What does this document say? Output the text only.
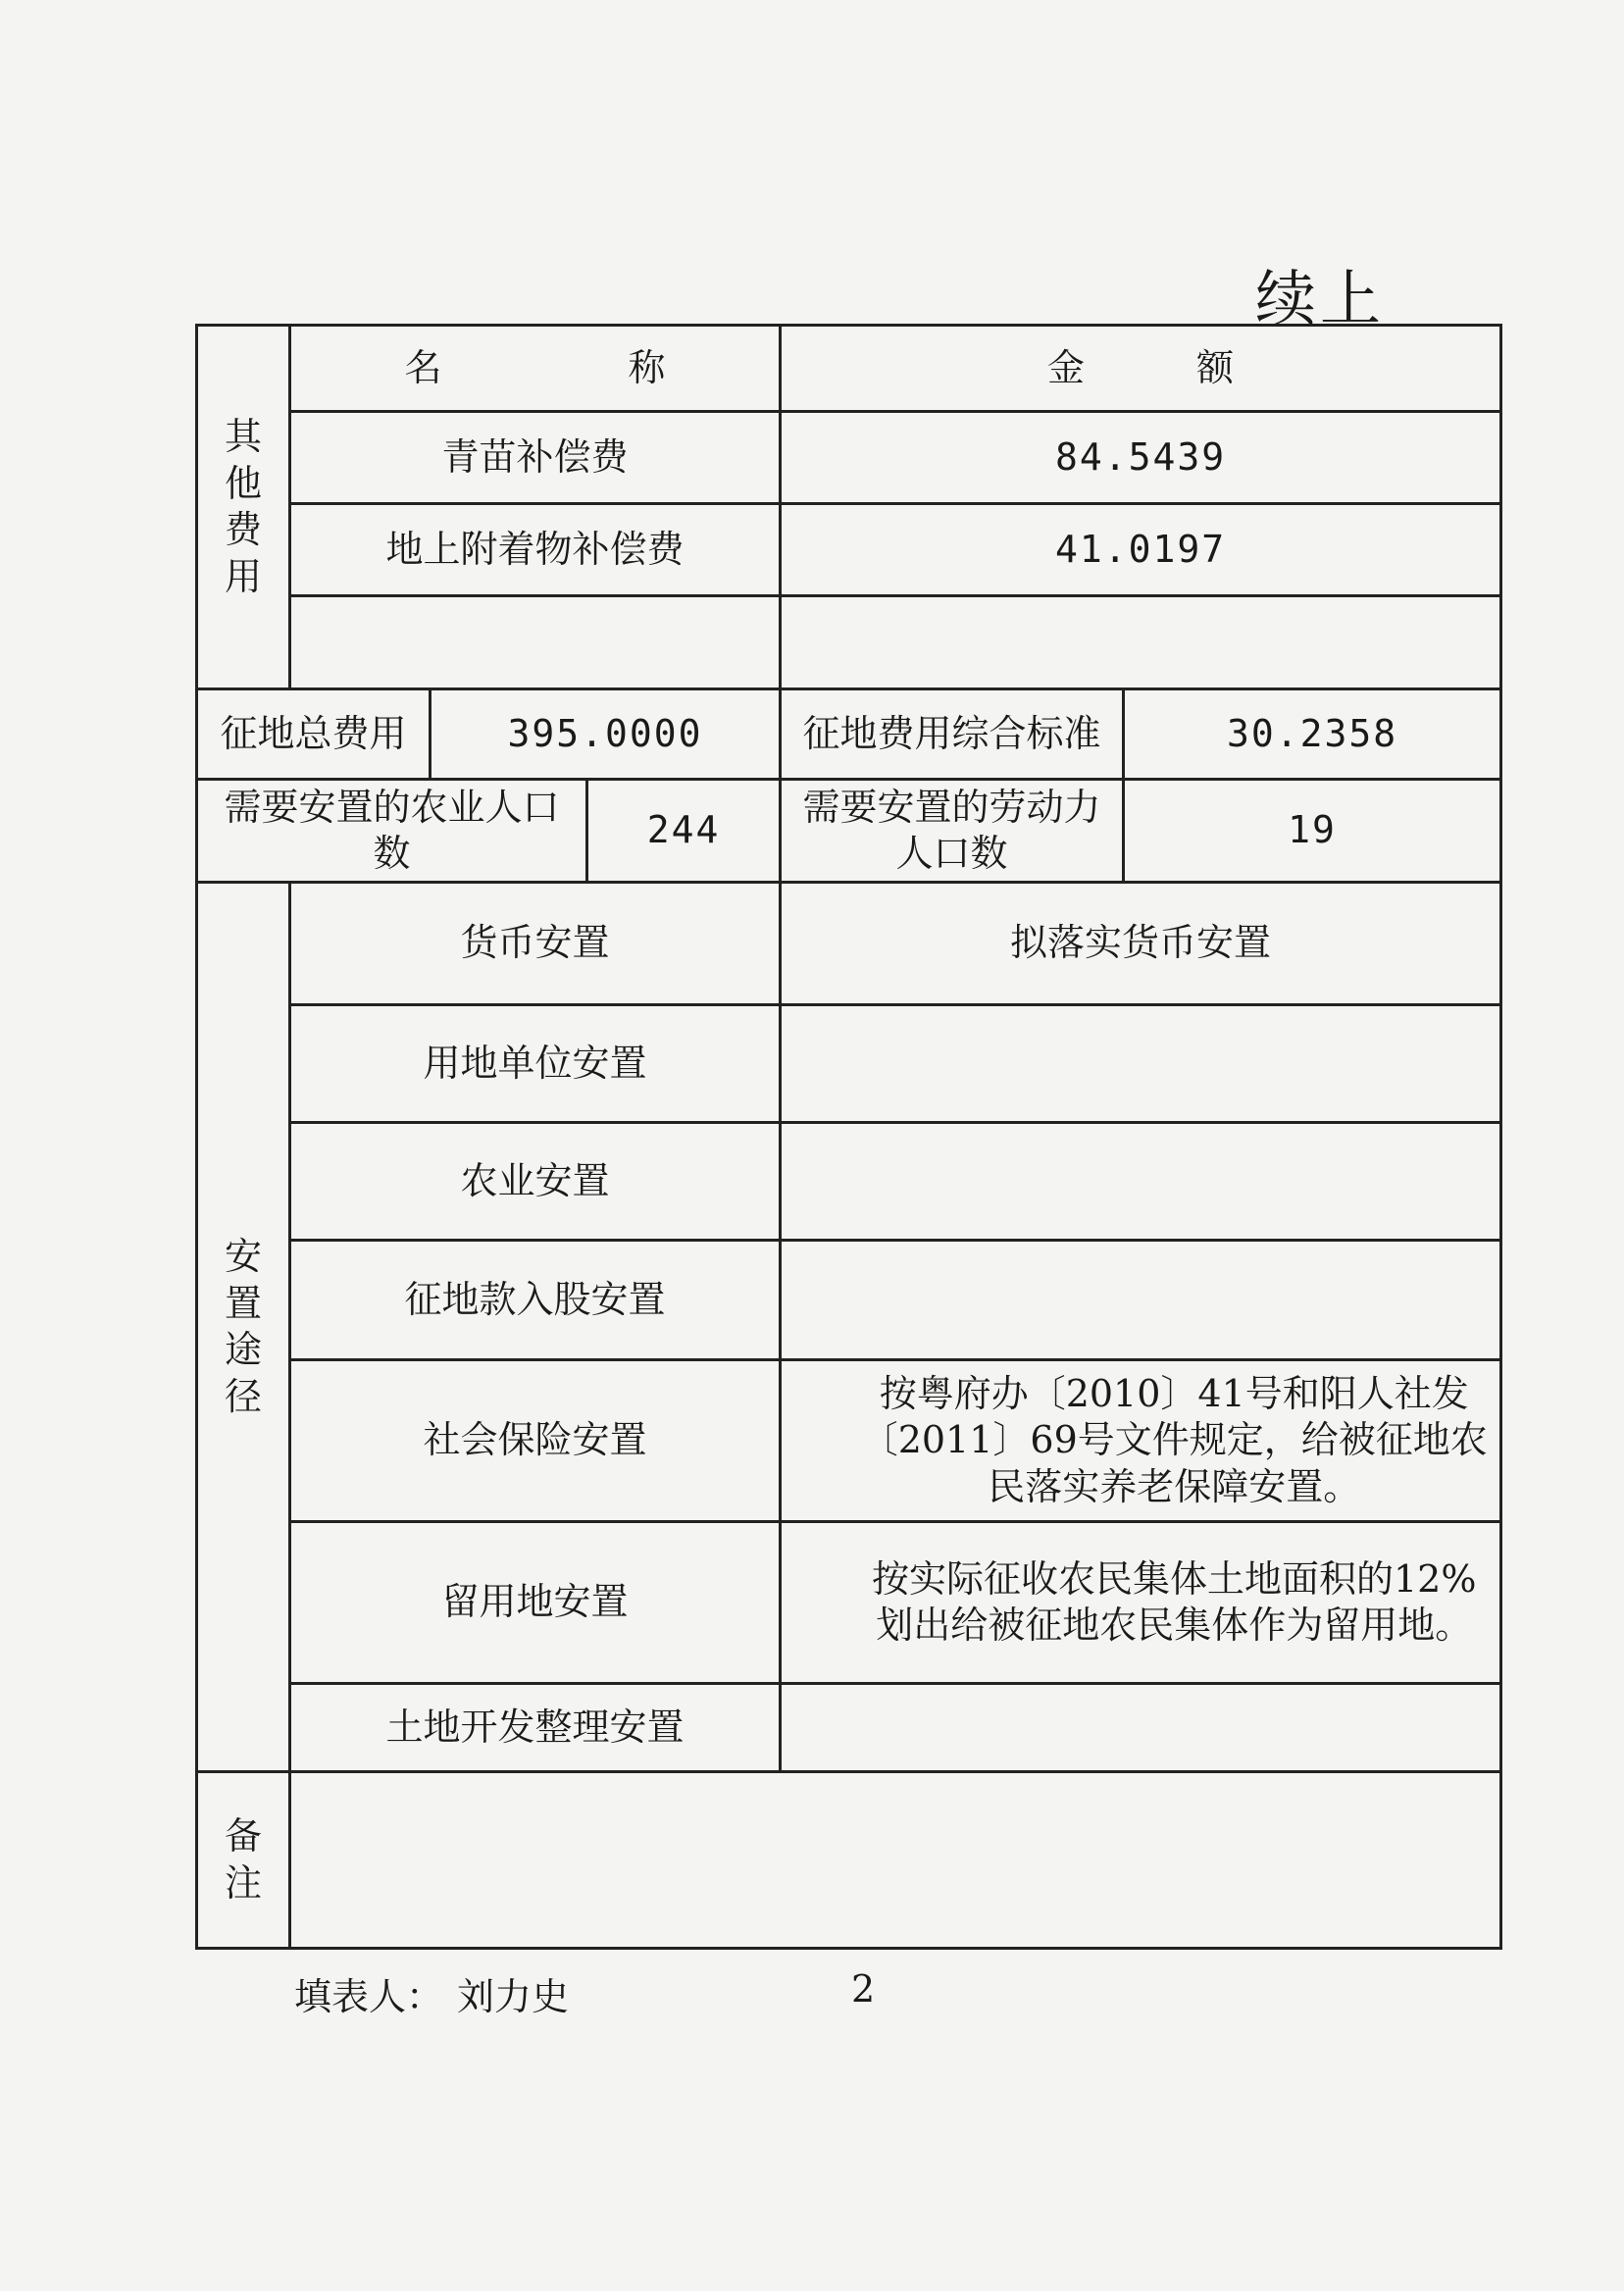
续上
其他费用	名　　　　　称			金　　　额	
	青苗补偿费			84.5439	
	地上附着物补偿费			41.0197	

征地总费用		395.0000		征地费用综合标准	30.2358
需要安置的农业人口数			244	需要安置的劳动力人口数	19
安置途径	货币安置			拟落实货币安置	
	用地单位安置				
	农业安置				
	征地款入股安置				
	社会保险安置			按粤府办〔2010〕41号和阳人社发〔2011〕69号文件规定，给被征地农民落实养老保障安置。	

	留用地安置			按实际征收农民集体土地面积的12%划出给被征地农民集体作为留用地。	

	土地开发整理安置				
备注					
填表人： 刘力史	2
